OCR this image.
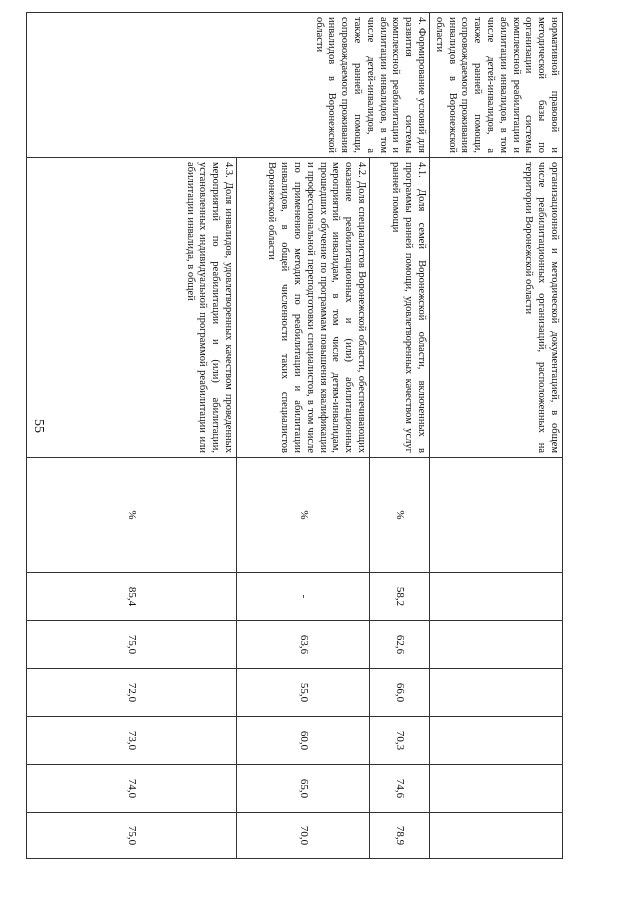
55
нормативной правовой и методической базы по организации системы комплексной реабилитации и абилитации инвалидов, в том числе детей-инвалидов, а также ранней помощи, сопровождаемого проживания инвалидов в Воронежской области	организационной и методической документацией, в общем числе реабилитационных организаций, расположенных на территории Воронежской области							
4. Формирование условий для развития системы комплексной реабилитации и абилитации инвалидов, в том числе детей-инвалидов, а также ранней помощи, сопровождаемого проживания инвалидов в Воронежской области	4.1. Доля семей Воронежской области, включенных в программы ранней помощи, удовлетворенных качеством услуг ранней помощи	%	58,2	62,6	66,0	70,3	74,6	78,9
	4.2. Доля специалистов Воронежской области, обеспечивающих оказание реабилитационных и (или) абилитационных мероприятий инвалидам, в том числе детям-инвалидам, прошедших обучение по программам повышения квалификации и профессиональной переподготовки специалистов, в том числе по применению методик по реабилитации и абилитации инвалидов, в общей численности таких специалистов Воронежской области	%	-	63,6	55,0	60,0	65,0	70,0
	4.3. Доля инвалидов, удовлетворенных качеством проведенных мероприятий по реабилитации и (или) абилитации, установленных индивидуальной программой реабилитации или абилитации инвалида, в общей	%	85,4	75,0	72,0	73,0	74,0	75,0
